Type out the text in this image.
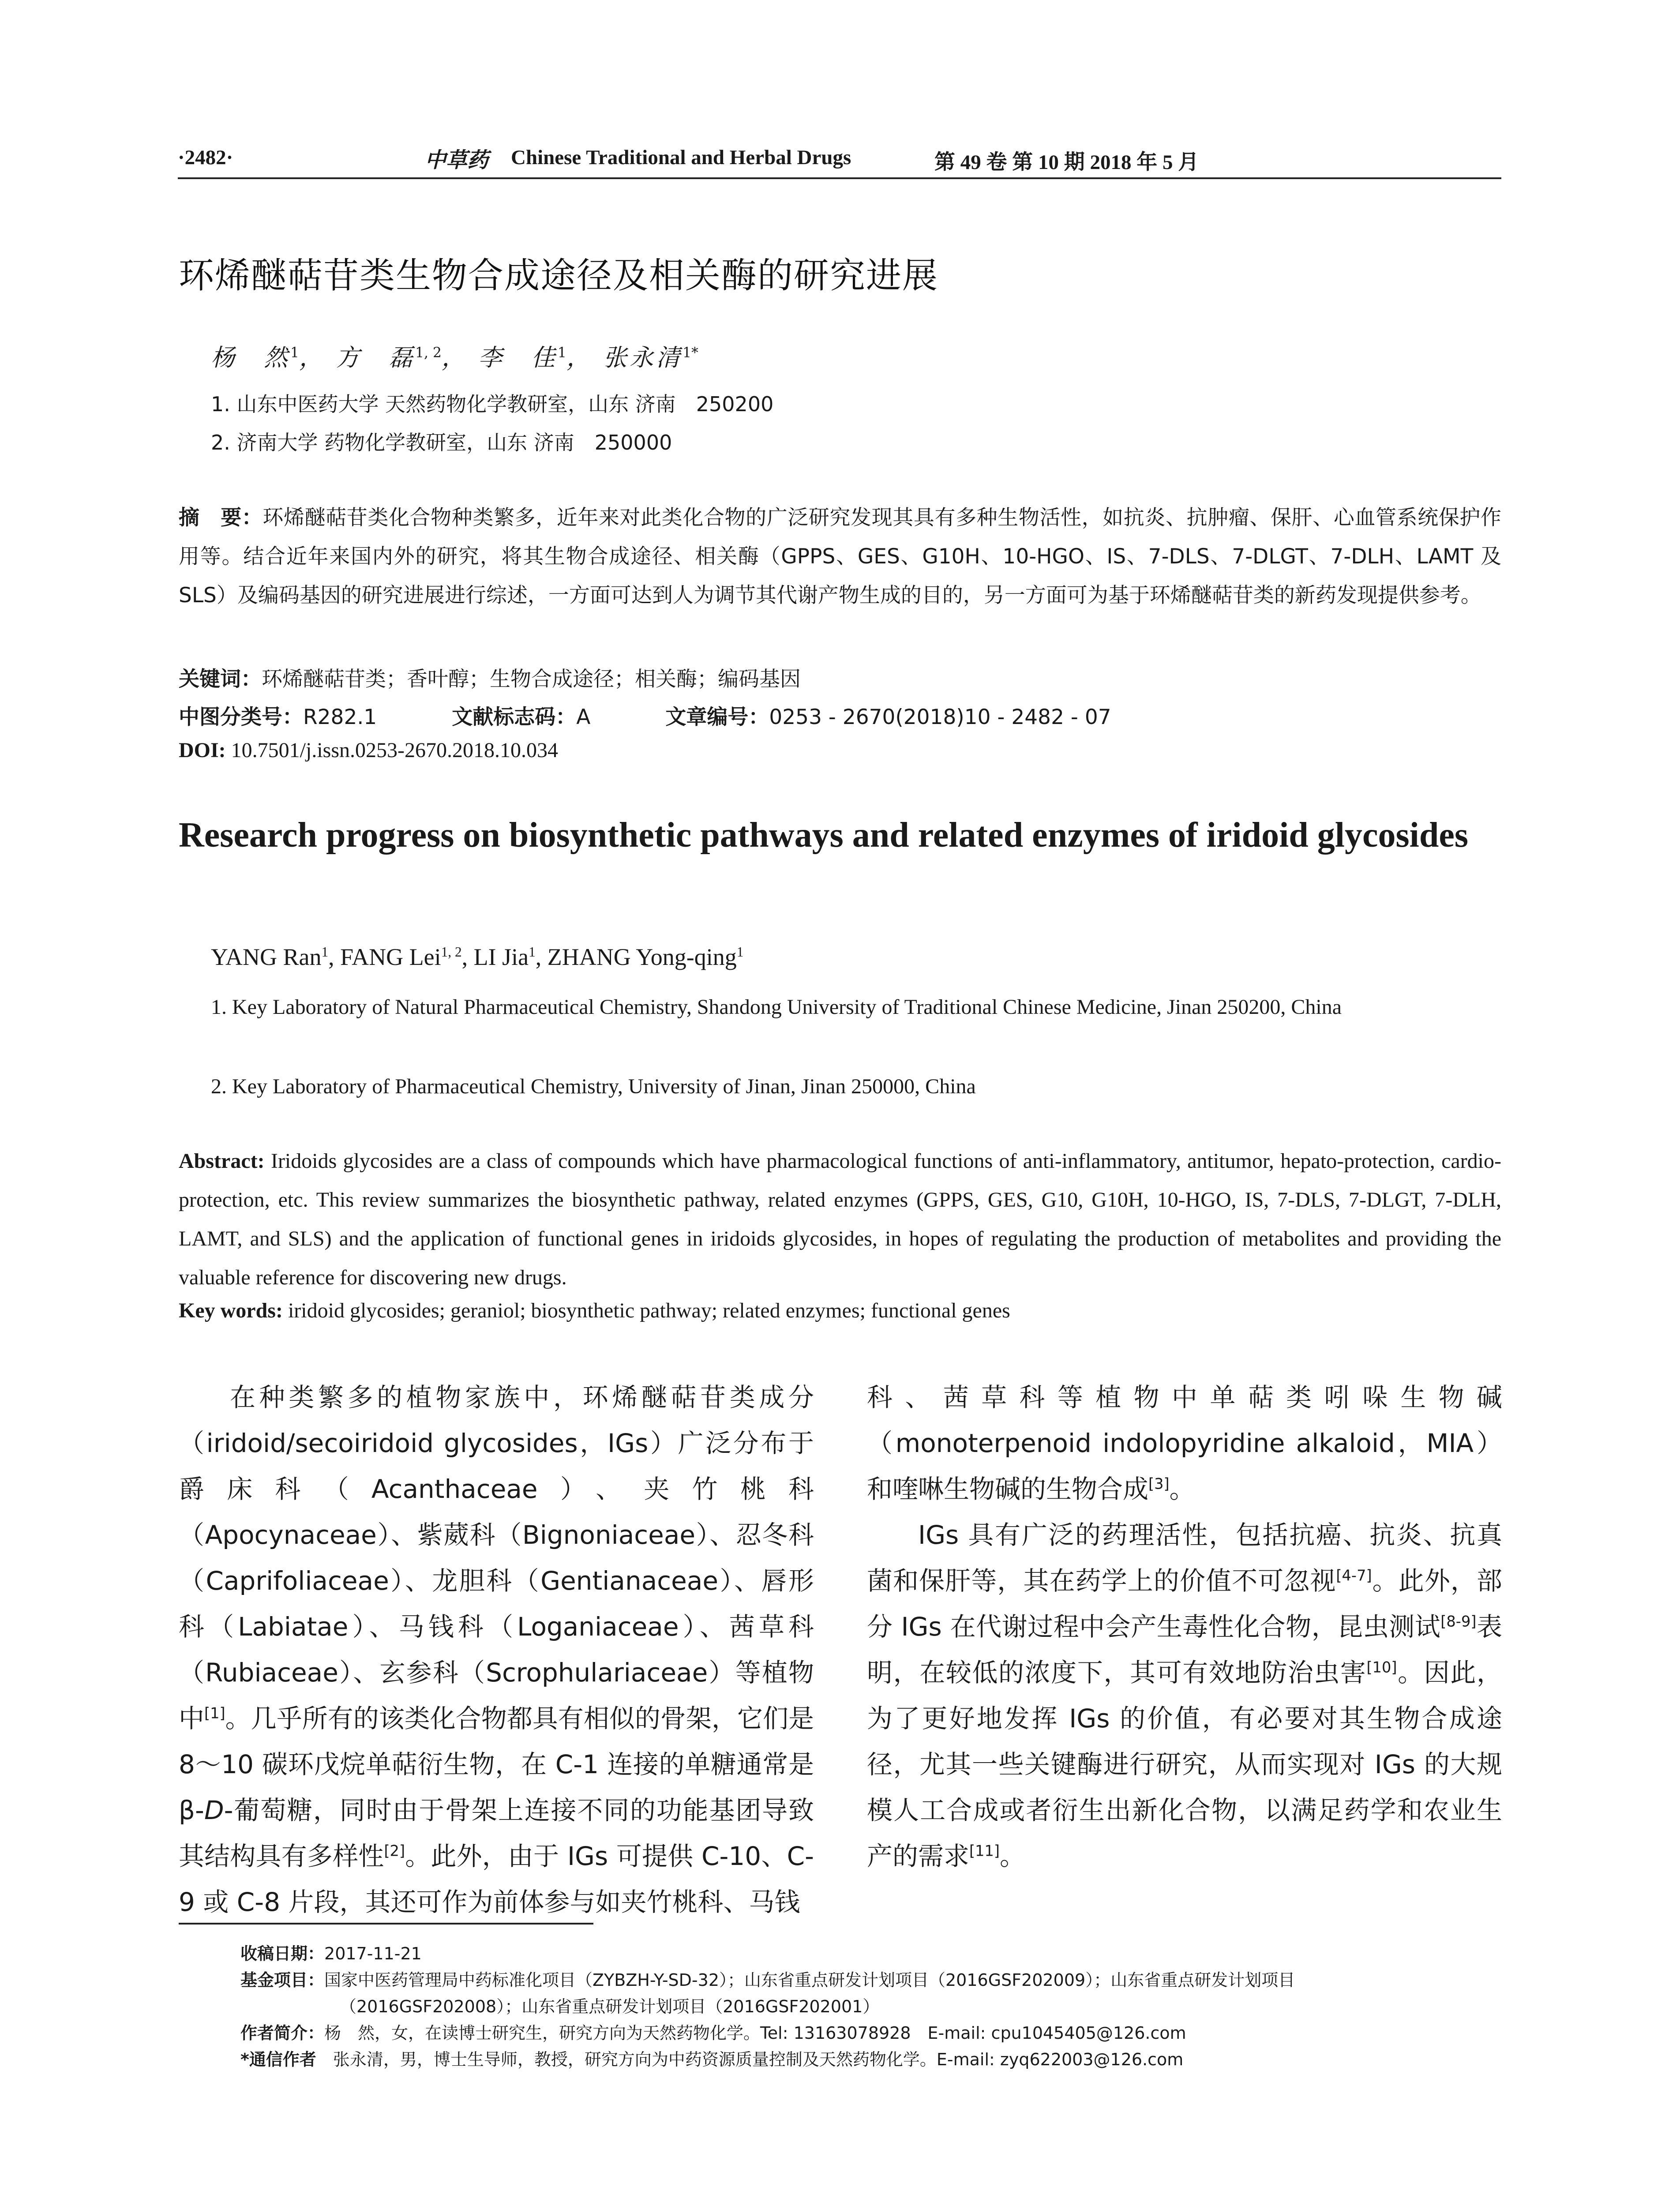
·2482·	中草药 Chinese Traditional and Herbal Drugs	第 49 卷 第 10 期 2018 年 5 月
环烯醚萜苷类生物合成途径及相关酶的研究进展
杨　然$^1$， 方　磊$^{1, 2}$， 李　佳$^1$， 张永清$^{1*}$
1. 山东中医药大学 天然药物化学教研室，山东 济南　250200
2. 济南大学 药物化学教研室，山东 济南　250000
摘　要：环烯醚萜苷类化合物种类繁多，近年来对此类化合物的广泛研究发现其具有多种生物活性，如抗炎、抗肿瘤、保肝、心血管系统保护作用等。结合近年来国内外的研究，将其生物合成途径、相关酶（GPPS、GES、G10H、10-HGO、IS、7-DLS、7-DLGT、7-DLH、LAMT 及 SLS）及编码基因的研究进展进行综述，一方面可达到人为调节其代谢产物生成的目的，另一方面可为基于环烯醚萜苷类的新药发现提供参考。
关键词：环烯醚萜苷类；香叶醇；生物合成途径；相关酶；编码基因
中图分类号：R282.1	文献标志码：A	文章编号：0253 - 2670(2018)10 - 2482 - 07
DOI: 10.7501/j.issn.0253-2670.2018.10.034
Research progress on biosynthetic pathways and related enzymes of iridoid glycosides
YANG Ran$^1$, FANG Lei$^{1, 2}$, LI Jia$^1$, ZHANG Yong-qing$^1$
1. Key Laboratory of Natural Pharmaceutical Chemistry, Shandong University of Traditional Chinese Medicine, Jinan 250200, China
2. Key Laboratory of Pharmaceutical Chemistry, University of Jinan, Jinan 250000, China
Abstract: Iridoids glycosides are a class of compounds which have pharmacological functions of anti-inflammatory, antitumor, hepato-protection, cardio-protection, etc. This review summarizes the biosynthetic pathway, related enzymes (GPPS, GES, G10, G10H, 10-HGO, IS, 7-DLS, 7-DLGT, 7-DLH, LAMT, and SLS) and the application of functional genes in iridoids glycosides, in hopes of regulating the production of metabolites and providing the valuable reference for discovering new drugs.
Key words: iridoid glycosides; geraniol; biosynthetic pathway; related enzymes; functional genes

在种类繁多的植物家族中，环烯醚萜苷类成分（iridoid/secoiridoid glycosides，IGs）广泛分布于爵床科（Acanthaceae）、夹竹桃科（Apocynaceae）、紫葳科（Bignoniaceae）、忍冬科（Caprifoliaceae）、龙胆科（Gentianaceae）、唇形科（Labiatae）、马钱科（Loganiaceae）、茜草科（Rubiaceae）、玄参科（Scrophulariaceae）等植物中[1]。几乎所有的该类化合物都具有相似的骨架，它们是 8～10 碳环戊烷单萜衍生物，在 C-1 连接的单糖通常是 β-D-葡萄糖，同时由于骨架上连接不同的功能基团导致其结构具有多样性[2]。此外，由于 IGs 可提供 C-10、C-9 或 C-8 片段，其还可作为前体参与如夹竹桃科、马钱

科、茜草科等植物中单萜类吲哚生物碱（monoterpenoid indolopyridine alkaloid，MIA）和喹啉生物碱的生物合成[3]。

IGs 具有广泛的药理活性，包括抗癌、抗炎、抗真菌和保肝等，其在药学上的价值不可忽视[4-7]。此外，部分 IGs 在代谢过程中会产生毒性化合物，昆虫测试[8-9]表明，在较低的浓度下，其可有效地防治虫害[10]。因此，为了更好地发挥 IGs 的价值，有必要对其生物合成途径，尤其一些关键酶进行研究，从而实现对 IGs 的大规模人工合成或者衍生出新化合物，以满足药学和农业生产的需求[11]。

收稿日期：2017-11-21
基金项目：国家中医药管理局中药标准化项目（ZYBZH-Y-SD-32）；山东省重点研发计划项目（2016GSF202009）；山东省重点研发计划项目
（2016GSF202008）；山东省重点研发计划项目（2016GSF202001）
作者简介：杨　然，女，在读博士研究生，研究方向为天然药物化学。Tel: 13163078928　E-mail: cpu1045405@126.com
*通信作者　 张永清，男，博士生导师，教授，研究方向为中药资源质量控制及天然药物化学。E-mail: zyq622003@126.com
